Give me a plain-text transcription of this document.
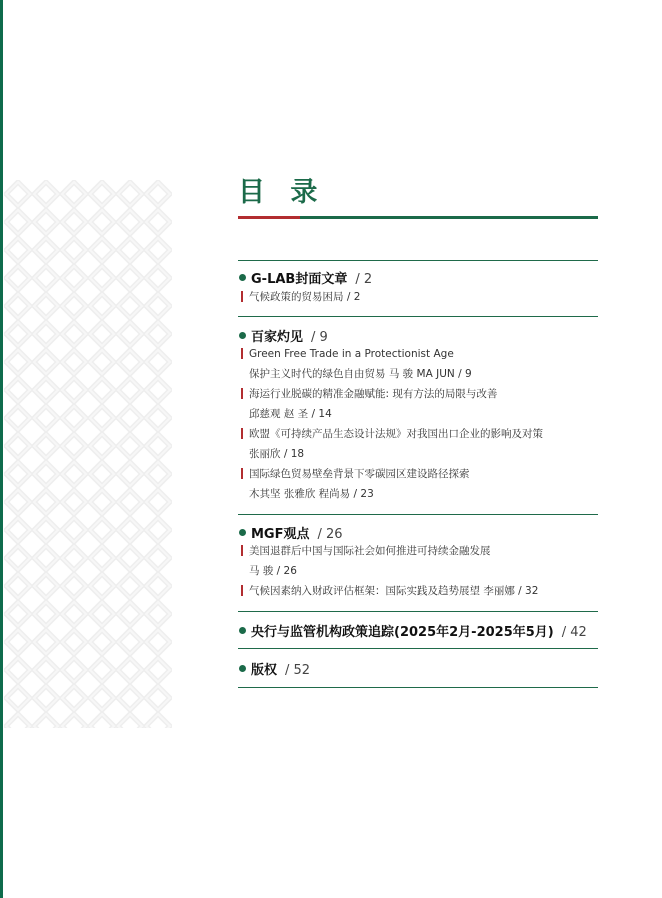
目 录
G-LAB封面文章 / 2
气候政策的贸易困局 / 2
百家灼见 / 9
Green Free Trade in a Protectionist Age
保护主义时代的绿色自由贸易 马 骏 MA JUN / 9
海运行业脱碳的精准金融赋能: 现有方法的局限与改善
邱慈观 赵 圣 / 14
欧盟《可持续产品生态设计法规》对我国出口企业的影响及对策
张丽欣 / 18
国际绿色贸易壁垒背景下零碳园区建设路径探索
木其坚 张雅欣 程尚易 / 23
MGF观点 / 26
美国退群后中国与国际社会如何推进可持续金融发展
马 骏 / 26
气候因素纳入财政评估框架：国际实践及趋势展望 李丽娜 / 32
央行与监管机构政策追踪(2025年2月-2025年5月) / 42
版权 / 52
